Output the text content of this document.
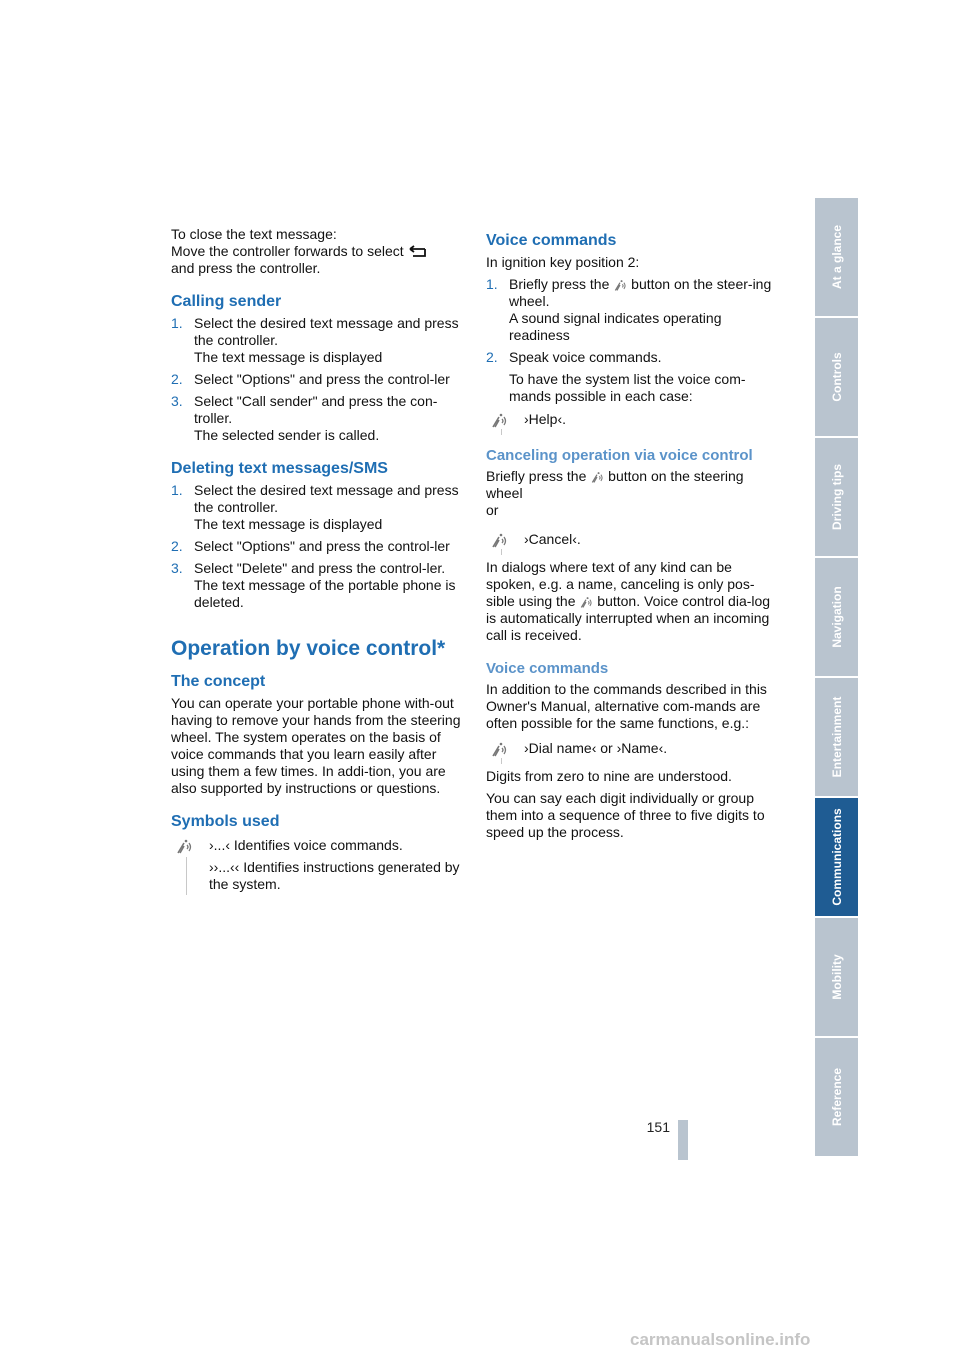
To close the text message:

Move the controller forwards to select
and press the controller.

Calling sender
1. Select the desired text message and press the controller.
The text message is displayed
2. Select "Options" and press the control-ler
3. Select "Call sender" and press the con-troller.
The selected sender is called.
Deleting text messages/SMS
1. Select the desired text message and press the controller.
The text message is displayed
2. Select "Options" and press the control-ler
3. Select "Delete" and press the control-ler.
The text message of the portable phone is deleted.
Operation by voice control*
The concept

You can operate your portable phone with-out having to remove your hands from the steering wheel. The system operates on the basis of voice commands that you learn easily after using them a few times. In addi-tion, you are also supported by instructions or questions.

Symbols used

›...‹ Identifies voice commands.

››...‹‹ Identifies instructions generated by the system.

Voice commands

In ignition key position 2:

1. Briefly press the button on the steer-ing wheel.
A sound signal indicates operating readiness
2. Speak voice commands.

To have the system list the voice com-mands possible in each case:

›Help‹.
Canceling operation via voice control

Briefly press the button on the steering wheel
or

›Cancel‹.

In dialogs where text of any kind can be spoken, e.g. a name, canceling is only pos-sible using the button. Voice control dia-log is automatically interrupted when an incoming call is received.

Voice commands

In addition to the commands described in this Owner's Manual, alternative com-mands are often possible for the same functions, e.g.:

›Dial name‹ or ›Name‹.

Digits from zero to nine are understood.

You can say each digit individually or group them into a sequence of three to five digits to speed up the process.

At a glance
Controls
Driving tips
Navigation
Entertainment
Communications
Mobility
Reference
151
carmanualsonline.info
